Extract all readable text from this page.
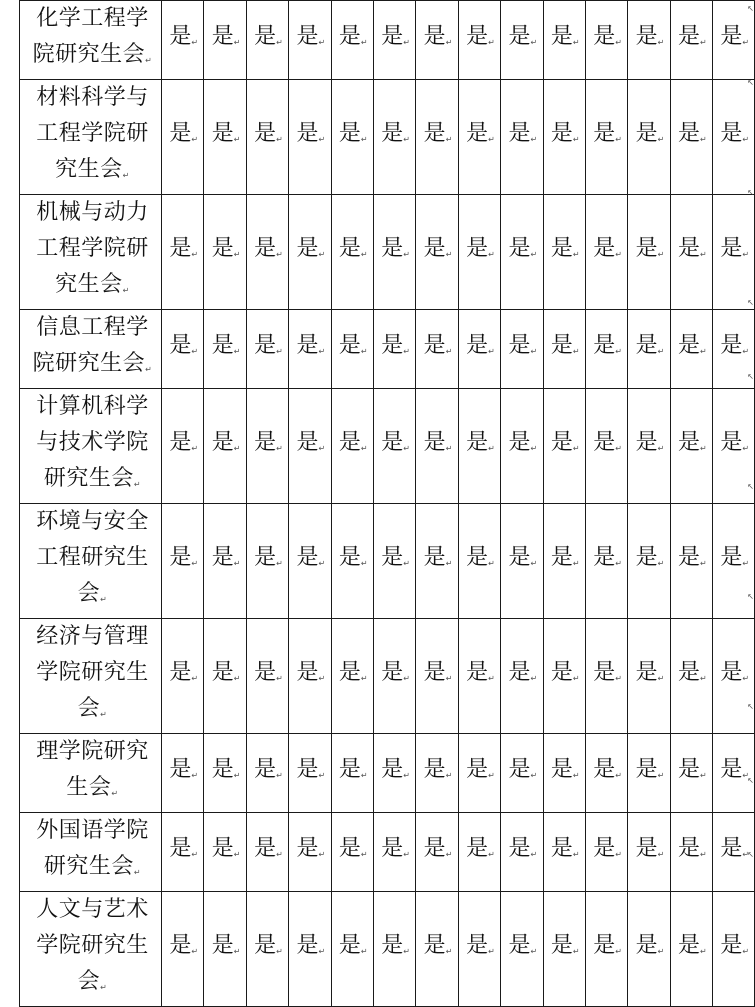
化学工程学
院研究生会↵	是↵	是↵	是↵	是↵	是↵	是↵	是↵	是↵	是↵	是↵	是↵	是↵	是↵	是↵

材料科学与
工程学院研
究生会↵	是↵	是↵	是↵	是↵	是↵	是↵	是↵	是↵	是↵	是↵	是↵	是↵	是↵	是↵

机械与动力
工程学院研
究生会↵	是↵	是↵	是↵	是↵	是↵	是↵	是↵	是↵	是↵	是↵	是↵	是↵	是↵	是↵

信息工程学
院研究生会↵	是↵	是↵	是↵	是↵	是↵	是↵	是↵	是↵	是↵	是↵	是↵	是↵	是↵	是↵

计算机科学
与技术学院
研究生会↵	是↵	是↵	是↵	是↵	是↵	是↵	是↵	是↵	是↵	是↵	是↵	是↵	是↵	是↵

环境与安全
工程研究生
会↵	是↵	是↵	是↵	是↵	是↵	是↵	是↵	是↵	是↵	是↵	是↵	是↵	是↵	是↵

经济与管理
学院研究生
会↵	是↵	是↵	是↵	是↵	是↵	是↵	是↵	是↵	是↵	是↵	是↵	是↵	是↵	是↵

理学院研究
生会↵	是↵	是↵	是↵	是↵	是↵	是↵	是↵	是↵	是↵	是↵	是↵	是↵	是↵	是↵

外国语学院
研究生会↵	是↵	是↵	是↵	是↵	是↵	是↵	是↵	是↵	是↵	是↵	是↵	是↵	是↵	是↵

人文与艺术
学院研究生
会↵	是↵	是↵	是↵	是↵	是↵	是↵	是↵	是↵	是↵	是↵	是↵	是↵	是↵	是↵
↖
↖
↖
↖
↖
↖
↖
↖
↖
↖
